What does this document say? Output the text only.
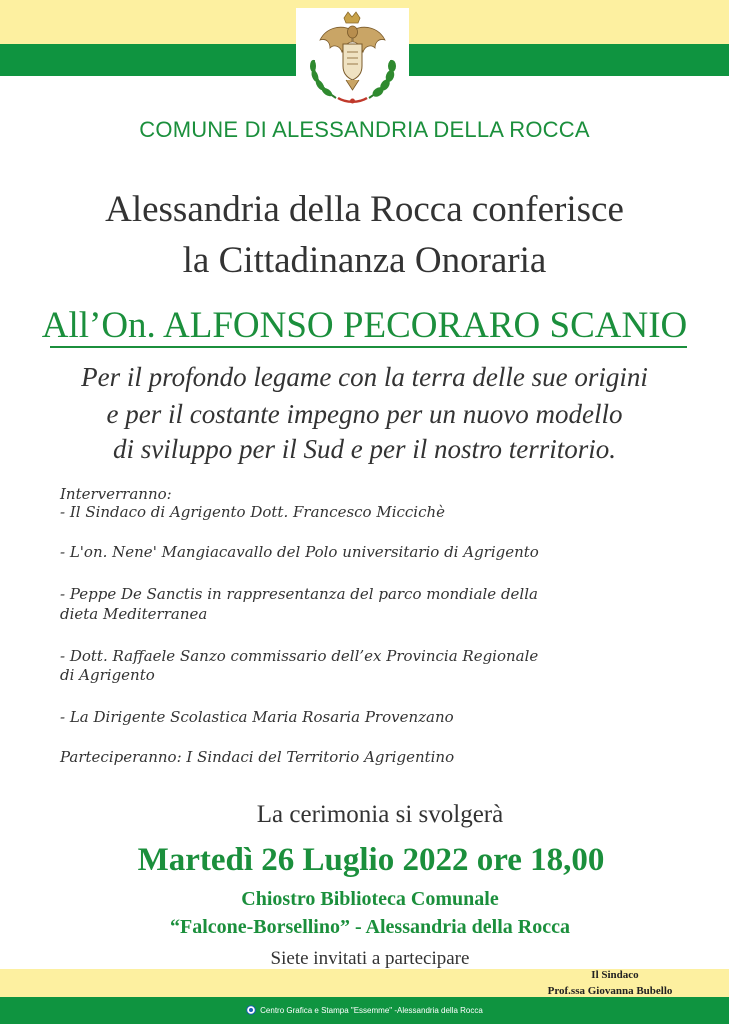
COMUNE DI ALESSANDRIA DELLA ROCCA
Alessandria della Rocca conferisce
la Cittadinanza Onoraria
All’On. ALFONSO PECORARO SCANIO
Per il profondo legame con la terra delle sue origini
e per il costante impegno per un nuovo modello
di sviluppo per il Sud e per il nostro territorio.
Interverranno:
- Il Sindaco di Agrigento Dott. Francesco Miccichè
- L'on. Nene' Mangiacavallo del Polo universitario di Agrigento
- Peppe De Sanctis in rappresentanza del parco mondiale della
dieta Mediterranea
- Dott. Raffaele Sanzo commissario dell’ex Provincia Regionale
di Agrigento
- La Dirigente Scolastica Maria Rosaria Provenzano
Parteciperanno: I Sindaci del Territorio Agrigentino
La cerimonia si svolgerà
Martedì 26 Luglio 2022 ore 18,00
Chiostro Biblioteca Comunale
“Falcone-Borsellino” - Alessandria della Rocca
Siete invitati a partecipare
Il Sindaco
Prof.ssa Giovanna Bubello
Centro Grafica e Stampa "Essemme" -Alessandria della Rocca
